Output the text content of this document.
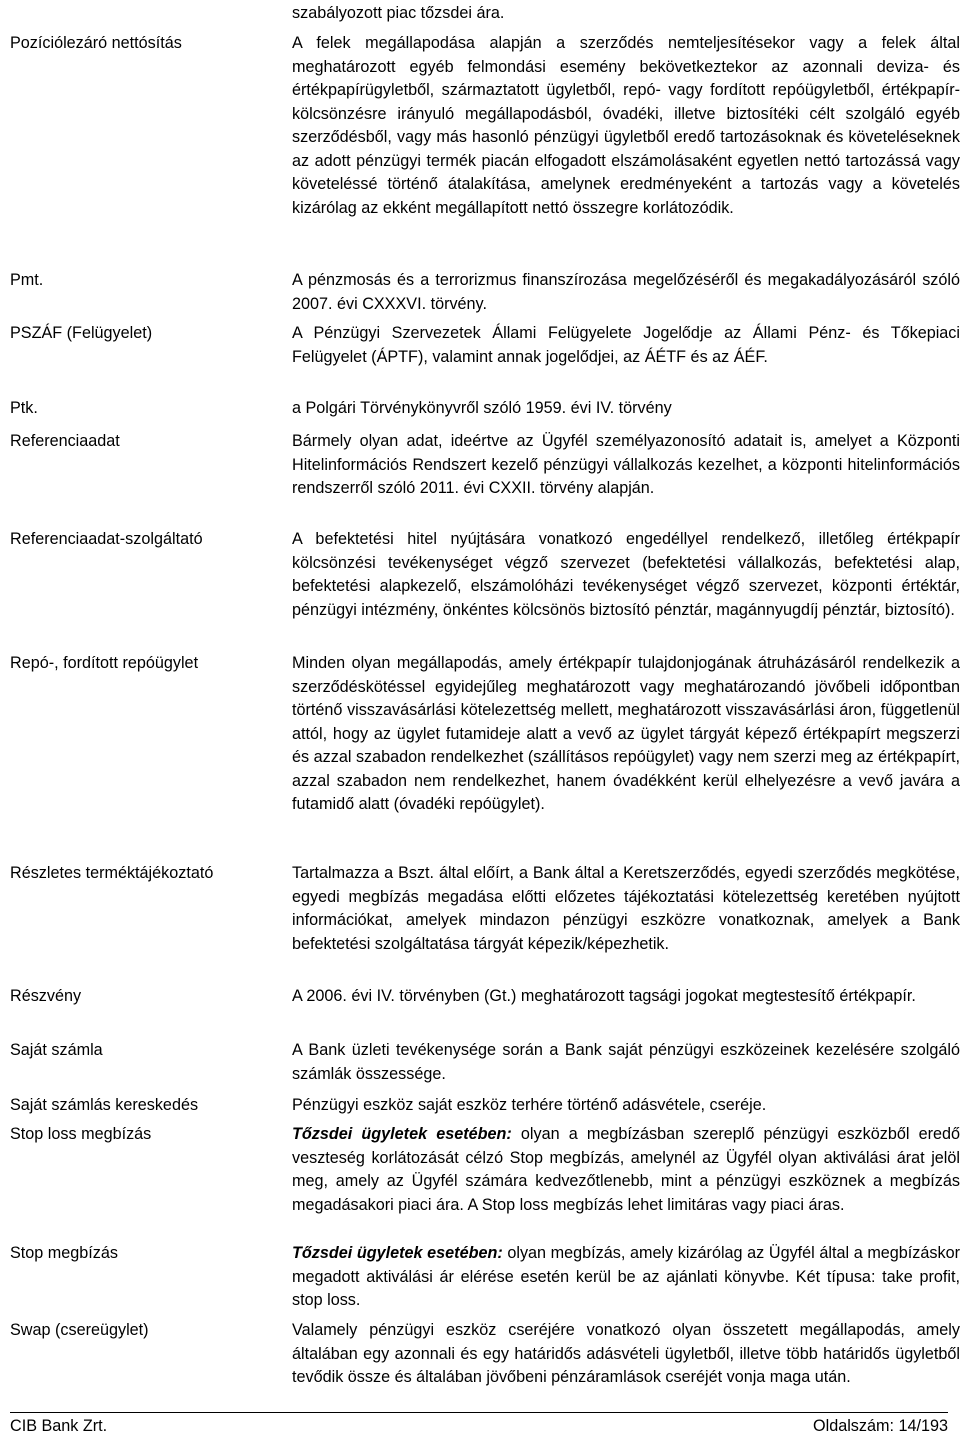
szabályozott piac tőzsdei ára.
Pozíciólezáró nettósítás	A felek megállapodása alapján a szerződés nemteljesítésekor vagy a felek által meghatározott egyéb felmondási esemény bekövetkeztekor az azonnali deviza- és értékpapírügyletből, származtatott ügyletből, repó- vagy fordított repóügyletből, értékpapír-kölcsönzésre irányuló megállapodásból, óvadéki, illetve biztosítéki célt szolgáló egyéb szerződésből, vagy más hasonló pénzügyi ügyletből eredő tartozásoknak és követeléseknek az adott pénzügyi termék piacán elfogadott elszámolásaként egyetlen nettó tartozássá vagy követeléssé történő átalakítása, amelynek eredményeként a tartozás vagy a követelés kizárólag az ekként megállapított nettó összegre korlátozódik.
Pmt.	A pénzmosás és a terrorizmus finanszírozása megelőzéséről és megakadályozásáról szóló 2007. évi CXXXVI. törvény.
PSZÁF (Felügyelet)	A Pénzügyi Szervezetek Állami Felügyelete Jogelődje az Állami Pénz- és Tőkepiaci Felügyelet (ÁPTF), valamint annak jogelődjei, az ÁÉTF és az ÁÉF.
Ptk.	a Polgári Törvénykönyvről szóló 1959. évi IV. törvény
Referenciaadat	Bármely olyan adat, ideértve az Ügyfél személyazonosító adatait is, amelyet a Központi Hitelinformációs Rendszert kezelő pénzügyi vállalkozás kezelhet, a központi hitelinformációs rendszerről szóló 2011. évi CXXII. törvény alapján.
Referenciaadat-szolgáltató	A befektetési hitel nyújtására vonatkozó engedéllyel rendelkező, illetőleg értékpapír kölcsönzési tevékenységet végző szervezet (befektetési vállalkozás, befektetési alap, befektetési alapkezelő, elszámolóházi tevékenységet végző szervezet, központi értéktár, pénzügyi intézmény, önkéntes kölcsönös biztosító pénztár, magánnyugdíj pénztár, biztosító).
Repó-, fordított repóügylet	Minden olyan megállapodás, amely értékpapír tulajdonjogának átruházásáról rendelkezik a szerződéskötéssel egyidejűleg meghatározott vagy meghatározandó jövőbeli időpontban történő visszavásárlási kötelezettség mellett, meghatározott visszavásárlási áron, függetlenül attól, hogy az ügylet futamideje alatt a vevő az ügylet tárgyát képező értékpapírt megszerzi és azzal szabadon rendelkezhet (szállításos repóügylet) vagy nem szerzi meg az értékpapírt, azzal szabadon nem rendelkezhet, hanem óvadékként kerül elhelyezésre a vevő javára a futamidő alatt (óvadéki repóügylet).
Részletes terméktájékoztató	Tartalmazza a Bszt. által előírt, a Bank által a Keretszerződés, egyedi szerződés megkötése, egyedi megbízás megadása előtti előzetes tájékoztatási kötelezettség keretében nyújtott információkat, amelyek mindazon pénzügyi eszközre vonatkoznak, amelyek a Bank befektetési szolgáltatása tárgyát képezik/képezhetik.
Részvény	A 2006. évi IV. törvényben (Gt.) meghatározott tagsági jogokat megtestesítő értékpapír.
Saját számla	A Bank üzleti tevékenysége során a Bank saját pénzügyi eszközeinek kezelésére szolgáló számlák összessége.
Saját számlás kereskedés	Pénzügyi eszköz saját eszköz terhére történő adásvétele, cseréje.
Stop loss megbízás	Tőzsdei ügyletek esetében: olyan a megbízásban szereplő pénzügyi eszközből eredő veszteség korlátozását célzó Stop megbízás, amelynél az Ügyfél olyan aktiválási árat jelöl meg, amely az Ügyfél számára kedvezőtlenebb, mint a pénzügyi eszköznek a megbízás megadásakori piaci ára. A Stop loss megbízás lehet limitáras vagy piaci áras.
Stop megbízás	Tőzsdei ügyletek esetében: olyan megbízás, amely kizárólag az Ügyfél által a megbízáskor megadott aktiválási ár elérése esetén kerül be az ajánlati könyvbe. Két típusa: take profit, stop loss.
Swap (csereügylet)	Valamely pénzügyi eszköz cseréjére vonatkozó olyan összetett megállapodás, amely általában egy azonnali és egy határidős adásvételi ügyletből, illetve több határidős ügyletből tevődik össze és általában jövőbeni pénzáramlások cseréjét vonja maga után.
CIB Bank Zrt.	Oldalszám: 14/193
